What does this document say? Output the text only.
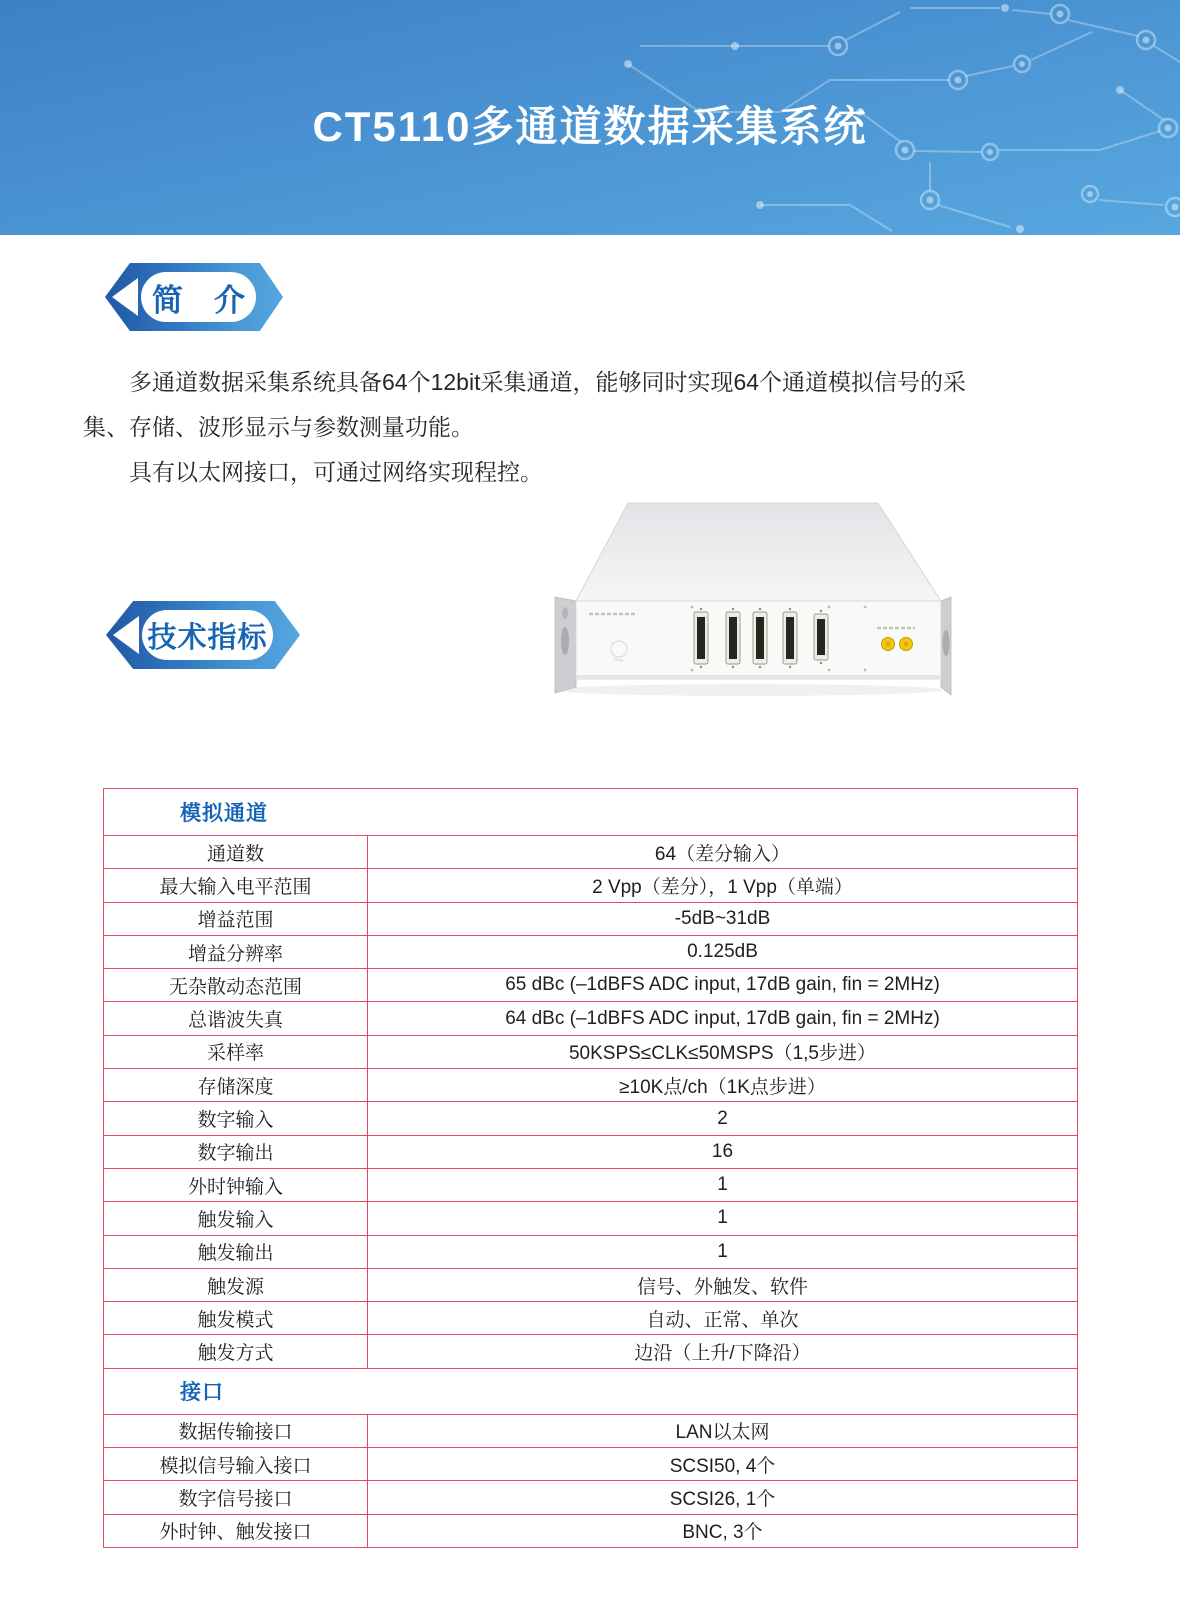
CT5110多通道数据采集系统
简　介
多通道数据采集系统具备64个12bit采集通道，能够同时实现64个通道模拟信号的采
集、存储、波形显示与参数测量功能。
具有以太网接口，可通过网络实现程控。
技术指标
模拟通道
通道数	64（差分输入）
最大输入电平范围	2 Vpp（差分），1 Vpp（单端）
增益范围	-5dB~31dB
增益分辨率	0.125dB
无杂散动态范围	65 dBc (–1dBFS ADC input, 17dB gain, fin = 2MHz)
总谐波失真	64 dBc (–1dBFS ADC input, 17dB gain, fin = 2MHz)
采样率	50KSPS≤CLK≤50MSPS（1,5步进）
存储深度	≥10K点/ch（1K点步进）
数字输入	2
数字输出	16
外时钟输入	1
触发输入	1
触发输出	1
触发源	信号、外触发、软件
触发模式	自动、正常、单次
触发方式	边沿（上升/下降沿）
接口
数据传输接口	LAN以太网
模拟信号输入接口	SCSI50, 4个
数字信号接口	SCSI26, 1个
外时钟、触发接口	BNC, 3个
